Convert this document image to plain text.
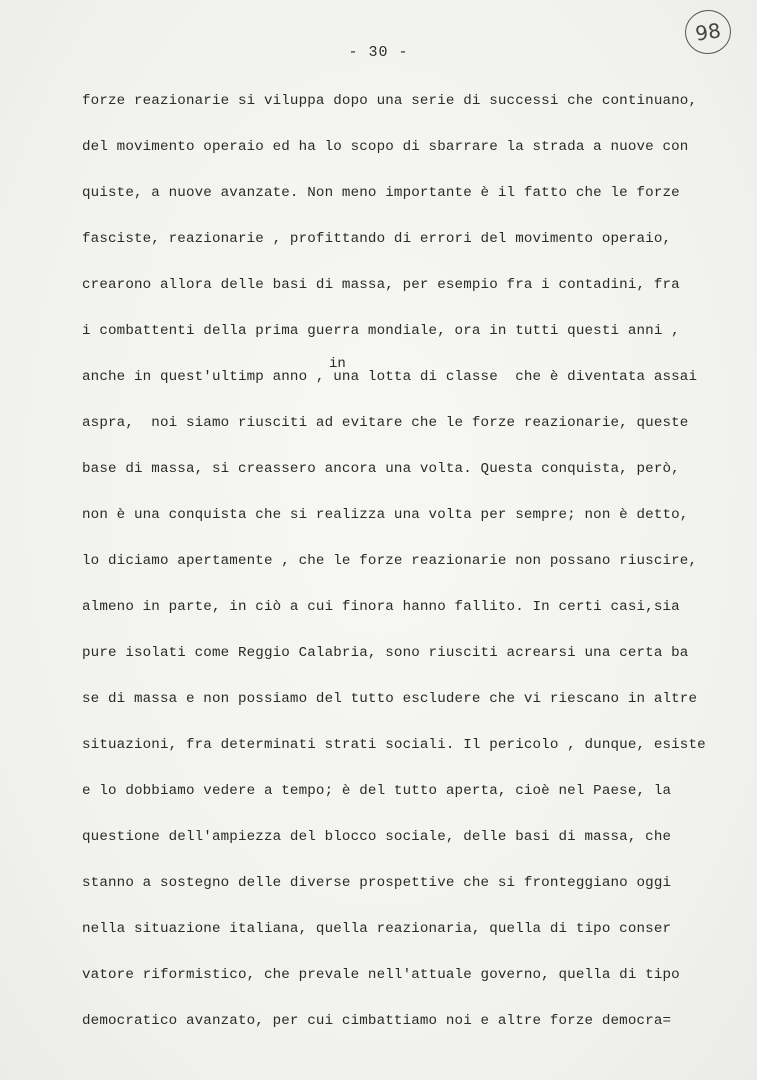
98
- 30 -
in
forze reazionarie si viluppa dopo una serie di successi che continuano,
del movimento operaio ed ha lo scopo di sbarrare la strada a nuove con
quiste, a nuove avanzate. Non meno importante è il fatto che le forze
fasciste, reazionarie , profittando di errori del movimento operaio,
crearono allora delle basi di massa, per esempio fra i contadini, fra
i combattenti della prima guerra mondiale, ora in tutti questi anni ,
anche in quest'ultimp anno , una lotta di classe  che è diventata assai
aspra,  noi siamo riusciti ad evitare che le forze reazionarie, queste
base di massa, si creassero ancora una volta. Questa conquista, però,
non è una conquista che si realizza una volta per sempre; non è detto,
lo diciamo apertamente , che le forze reazionarie non possano riuscire,
almeno in parte, in ciò a cui finora hanno fallito. In certi casi,sia
pure isolati come Reggio Calabria, sono riusciti acrearsi una certa ba
se di massa e non possiamo del tutto escludere che vi riescano in altre
situazioni, fra determinati strati sociali. Il pericolo , dunque, esiste
e lo dobbiamo vedere a tempo; è del tutto aperta, cioè nel Paese, la
questione dell'ampiezza del blocco sociale, delle basi di massa, che
stanno a sostegno delle diverse prospettive che si fronteggiano oggi
nella situazione italiana, quella reazionaria, quella di tipo conser
vatore riformistico, che prevale nell'attuale governo, quella di tipo
democratico avanzato, per cui cimbattiamo noi e altre forze democra=
